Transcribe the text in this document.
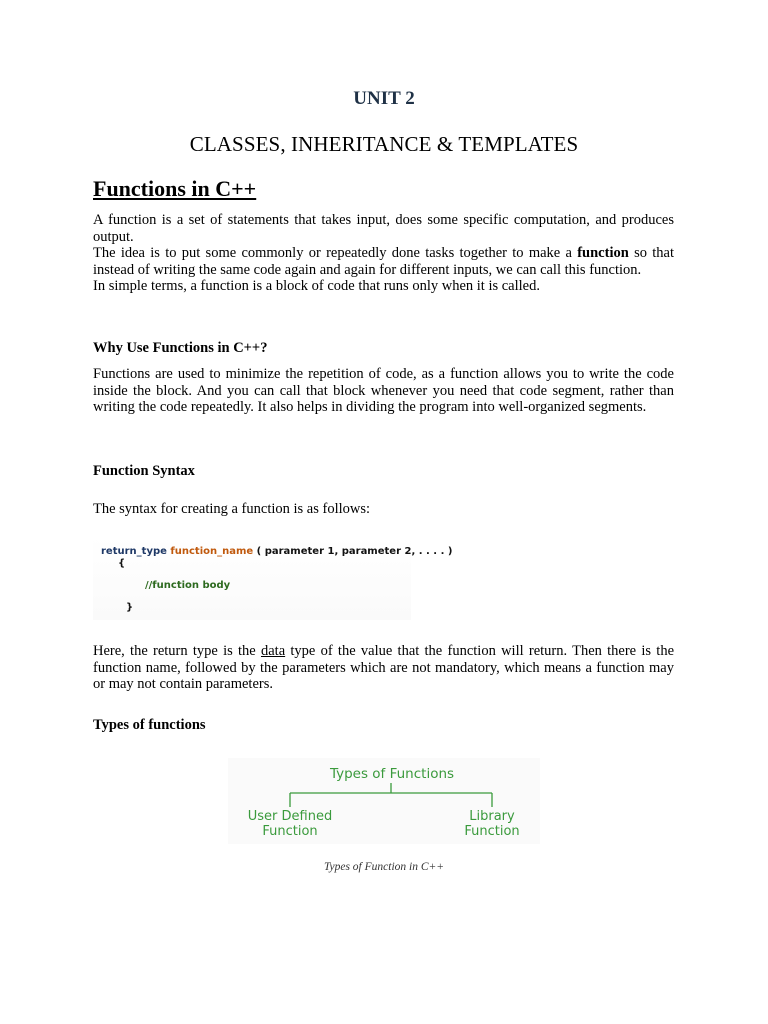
UNIT 2
CLASSES, INHERITANCE & TEMPLATES
Functions in C++

A function is a set of statements that takes input, does some specific computation, and produces output.

The idea is to put some commonly or repeatedly done tasks together to make a function so that instead of writing the same code again and again for different inputs, we can call this function.

In simple terms, a function is a block of code that runs only when it is called.

Why Use Functions in C++?
Functions are used to minimize the repetition of code, as a function allows you to write the code inside the block. And you can call that block whenever you need that code segment, rather than writing the code repeatedly. It also helps in dividing the program into well-organized segments.
Function Syntax
The syntax for creating a function is as follows:
return_type function_name ( parameter 1, parameter 2, . . . . )
{
//function body
}
Here, the return type is the data type of the value that the function will return. Then there is the function name, followed by the parameters which are not mandatory, which means a function may or may not contain parameters.
Types of functions
Types of Functions
User Defined
Function
Library
Function
Types of Function in C++
